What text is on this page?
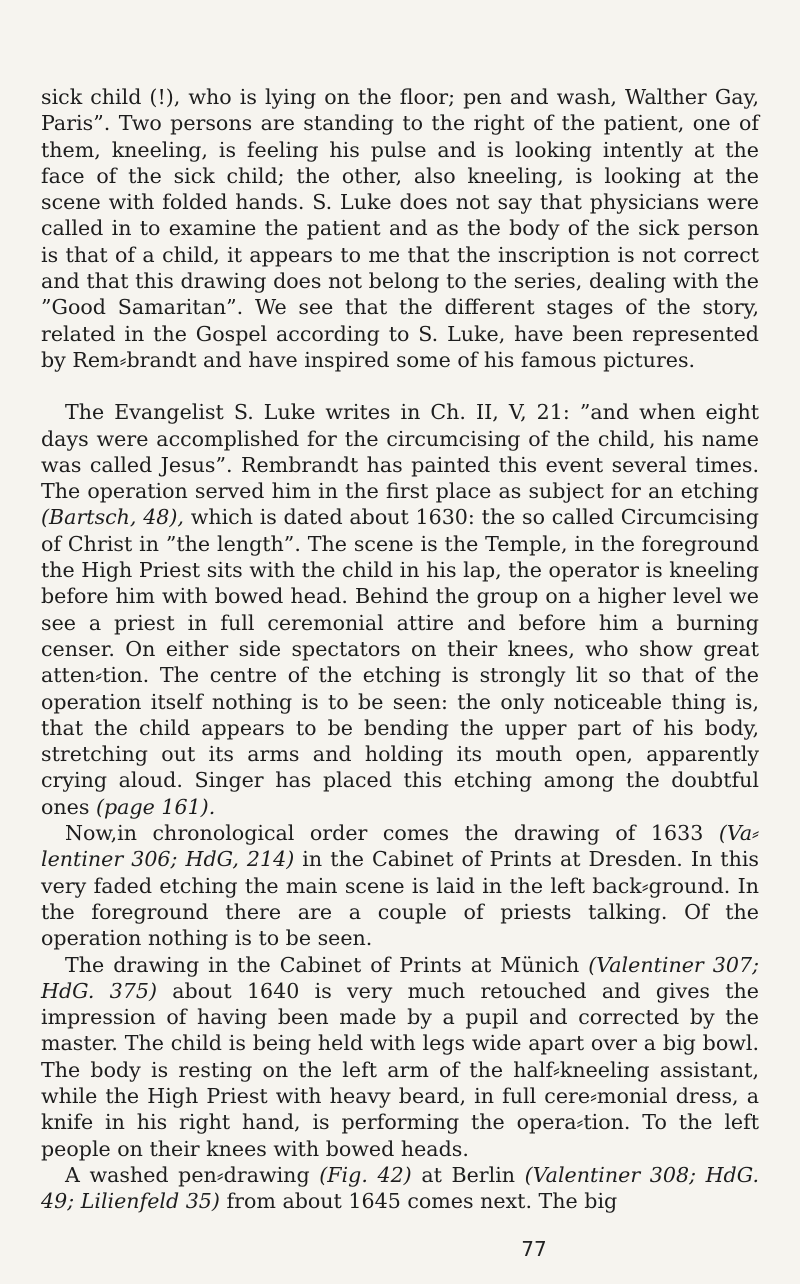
sick child (!), who is lying on the floor; pen and wash, Walther Gay, Paris”. Two persons are standing to the right of the patient, one of them, kneeling, is feeling his pulse and is looking intently at the face of the sick child; the other, also kneeling, is looking at the scene with folded hands. S. Luke does not say that physicians were called in to examine the patient and as the body of the sick person is that of a child, it appears to me that the inscription is not correct and that this drawing does not belong to the series, dealing with the ”Good Samaritan”. We see that the different stages of the story, related in the Gospel according to S. Luke, have been represented by Rem⸗brandt and have inspired some of his famous pictures.

The Evangelist S. Luke writes in Ch. II, V, 21: ”and when eight days were accomplished for the circumcising of the child, his name was called Jesus”. Rembrandt has painted this event several times. The operation served him in the first place as subject for an etching (Bartsch, 48), which is dated about 1630: the so called Circumcising of Christ in ”the length”. The scene is the Temple, in the foreground the High Priest sits with the child in his lap, the operator is kneeling before him with bowed head. Behind the group on a higher level we see a priest in full ceremonial attire and before him a burning censer. On either side spectators on their knees, who show great atten⸗tion. The centre of the etching is strongly lit so that of the operation itself nothing is to be seen: the only noticeable thing is, that the child appears to be bending the upper part of his body, stretching out its arms and holding its mouth open, apparently crying aloud. Singer has placed this etching among the doubtful ones (page 161).

Now,in chronological order comes the drawing of 1633 (Va⸗lentiner 306; HdG, 214) in the Cabinet of Prints at Dresden. In this very faded etching the main scene is laid in the left back⸗ground. In the foreground there are a couple of priests talking. Of the operation nothing is to be seen.

The drawing in the Cabinet of Prints at Münich (Valentiner 307; HdG. 375) about 1640 is very much retouched and gives the impression of having been made by a pupil and corrected by the master. The child is being held with legs wide apart over a big bowl. The body is resting on the left arm of the half⸗kneeling assistant, while the High Priest with heavy beard, in full cere⸗monial dress, a knife in his right hand, is performing the opera⸗tion. To the left people on their knees with bowed heads.

A washed pen⸗drawing (Fig. 42) at Berlin (Valentiner 308; HdG. 49; Lilienfeld 35) from about 1645 comes next. The big

77
